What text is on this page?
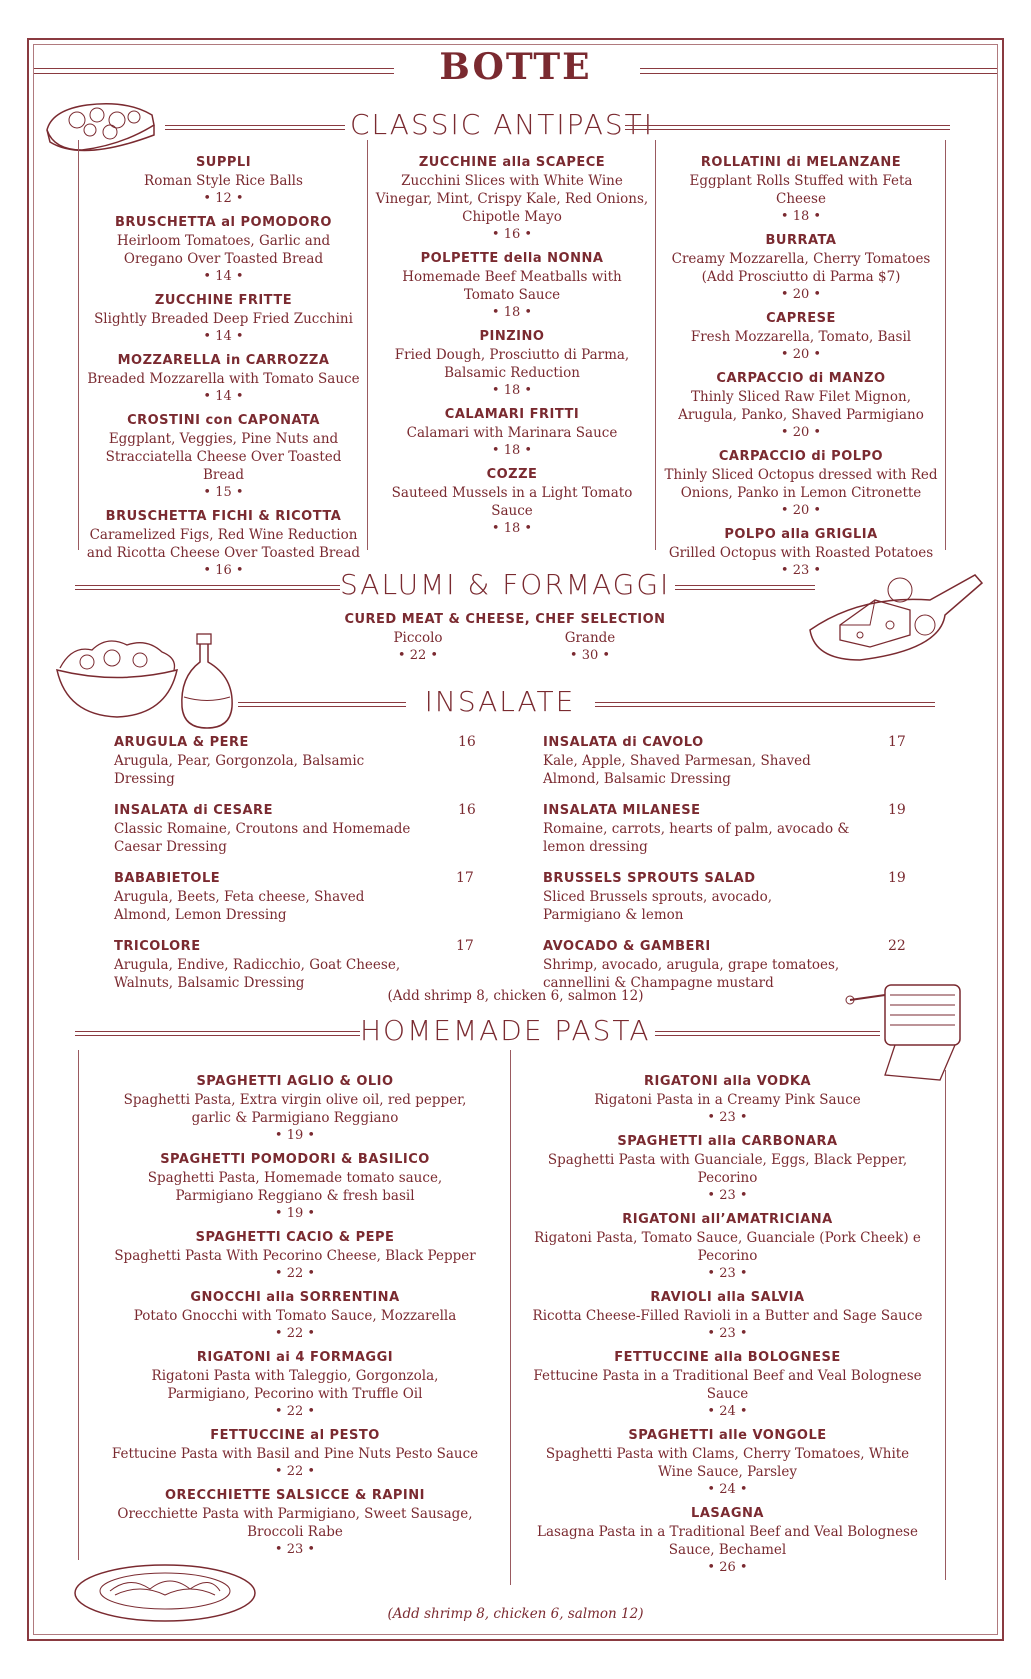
BOTTE
CLASSIC ANTIPASTI
SUPPLI
Roman Style Rice Balls
• 12 •
BRUSCHETTA al POMODORO
Heirloom Tomatoes, Garlic and Oregano Over Toasted Bread
• 14 •
ZUCCHINE FRITTE
Slightly Breaded Deep Fried Zucchini
• 14 •
MOZZARELLA in CARROZZA
Breaded Mozzarella with Tomato Sauce
• 14 •
CROSTINI con CAPONATA
Eggplant, Veggies, Pine Nuts and Stracciatella Cheese Over Toasted Bread
• 15 •
BRUSCHETTA FICHI & RICOTTA
Caramelized Figs, Red Wine Reduction and Ricotta Cheese Over Toasted Bread
• 16 •
ZUCCHINE alla SCAPECE
Zucchini Slices with White Wine Vinegar, Mint, Crispy Kale, Red Onions, Chipotle Mayo
• 16 •
POLPETTE della NONNA
Homemade Beef Meatballs with Tomato Sauce
• 18 •
PINZINO
Fried Dough, Prosciutto di Parma, Balsamic Reduction
• 18 •
CALAMARI FRITTI
Calamari with Marinara Sauce
• 18 •
COZZE
Sauteed Mussels in a Light Tomato Sauce
• 18 •
ROLLATINI di MELANZANE
Eggplant Rolls Stuffed with Feta Cheese
• 18 •
BURRATA
Creamy Mozzarella, Cherry Tomatoes (Add Prosciutto di Parma $7)
• 20 •
CAPRESE
Fresh Mozzarella, Tomato, Basil
• 20 •
CARPACCIO di MANZO
Thinly Sliced Raw Filet Mignon, Arugula, Panko, Shaved Parmigiano
• 20 •
CARPACCIO di POLPO
Thinly Sliced Octopus dressed with Red Onions, Panko in Lemon Citronette
• 20 •
POLPO alla GRIGLIA
Grilled Octopus with Roasted Potatoes
• 23 •
SALUMI & FORMAGGI
CURED MEAT & CHEESE, CHEF SELECTION
Piccolo
• 22 •
Grande
• 30 •
INSALATE
ARUGULA & PERE
Arugula, Pear, Gorgonzola, Balsamic Dressing
16
INSALATA di CESARE
Classic Romaine, Croutons and Homemade Caesar Dressing
16
BABABIETOLE
Arugula, Beets, Feta cheese, Shaved Almond, Lemon Dressing
17
TRICOLORE
Arugula, Endive, Radicchio, Goat Cheese, Walnuts, Balsamic Dressing
17
INSALATA di CAVOLO
Kale, Apple, Shaved Parmesan, Shaved Almond, Balsamic Dressing
17
INSALATA MILANESE
Romaine, carrots, hearts of palm, avocado & lemon dressing
19
BRUSSELS SPROUTS SALAD
Sliced Brussels sprouts, avocado, Parmigiano & lemon
19
AVOCADO & GAMBERI
Shrimp, avocado, arugula, grape tomatoes, cannellini & Champagne mustard
22
(Add shrimp 8, chicken 6, salmon 12)
HOMEMADE PASTA
SPAGHETTI AGLIO & OLIO
Spaghetti Pasta, Extra virgin olive oil, red pepper, garlic & Parmigiano Reggiano
• 19 •
SPAGHETTI POMODORI & BASILICO
Spaghetti Pasta, Homemade tomato sauce, Parmigiano Reggiano & fresh basil
• 19 •
SPAGHETTI CACIO & PEPE
Spaghetti Pasta With Pecorino Cheese, Black Pepper
• 22 •
GNOCCHI alla SORRENTINA
Potato Gnocchi with Tomato Sauce, Mozzarella
• 22 •
RIGATONI ai 4 FORMAGGI
Rigatoni Pasta with Taleggio, Gorgonzola, Parmigiano, Pecorino with Truffle Oil
• 22 •
FETTUCCINE al PESTO
Fettucine Pasta with Basil and Pine Nuts Pesto Sauce
• 22 •
ORECCHIETTE SALSICCE & RAPINI
Orecchiette Pasta with Parmigiano, Sweet Sausage, Broccoli Rabe
• 23 •
RIGATONI alla VODKA
Rigatoni Pasta in a Creamy Pink Sauce
• 23 •
SPAGHETTI alla CARBONARA
Spaghetti Pasta with Guanciale, Eggs, Black Pepper, Pecorino
• 23 •
RIGATONI all’AMATRICIANA
Rigatoni Pasta, Tomato Sauce, Guanciale (Pork Cheek) e Pecorino
• 23 •
RAVIOLI alla SALVIA
Ricotta Cheese-Filled Ravioli in a Butter and Sage Sauce
• 23 •
FETTUCCINE alla BOLOGNESE
Fettucine Pasta in a Traditional Beef and Veal Bolognese Sauce
• 24 •
SPAGHETTI alle VONGOLE
Spaghetti Pasta with Clams, Cherry Tomatoes, White Wine Sauce, Parsley
• 24 •
LASAGNA
Lasagna Pasta in a Traditional Beef and Veal Bolognese Sauce, Bechamel
• 26 •
(Add shrimp 8, chicken 6, salmon 12)
